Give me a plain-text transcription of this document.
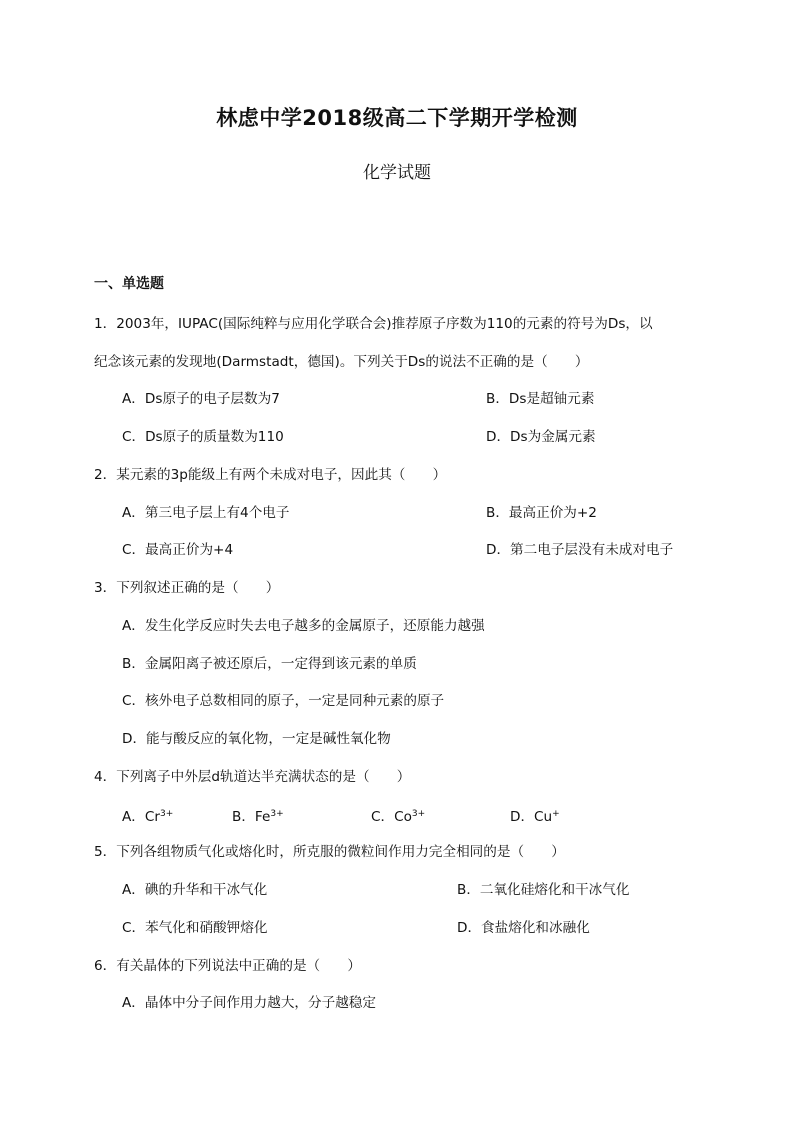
林虑中学2018级高二下学期开学检测
化学试题
一、单选题
1．2003年，IUPAC(国际纯粹与应用化学联合会)推荐原子序数为110的元素的符号为Ds，以
纪念该元素的发现地(Darmstadt，德国)。下列关于Ds的说法不正确的是（　　）
A．Ds原子的电子层数为7	B．Ds是超铀元素
C．Ds原子的质量数为110	D．Ds为金属元素
2．某元素的3p能级上有两个未成对电子，因此其（　　）
A．第三电子层上有4个电子	B．最高正价为+2
C．最高正价为+4	D．第二电子层没有未成对电子
3．下列叙述正确的是（　　）
A．发生化学反应时失去电子越多的金属原子，还原能力越强
B．金属阳离子被还原后，一定得到该元素的单质
C．核外电子总数相同的原子，一定是同种元素的原子
D．能与酸反应的氧化物，一定是碱性氧化物
4．下列离子中外层d轨道达半充满状态的是（　　）
A．$Cr^{3+}$	B．$Fe^{3+}$	C．$Co^{3+}$	D．Cu+
5．下列各组物质气化或熔化时，所克服的微粒间作用力完全相同的是（　　）
A．碘的升华和干冰气化	B．二氧化硅熔化和干冰气化
C．苯气化和硝酸钾熔化	D．食盐熔化和冰融化
6．有关晶体的下列说法中正确的是（　　）
A．晶体中分子间作用力越大，分子越稳定
